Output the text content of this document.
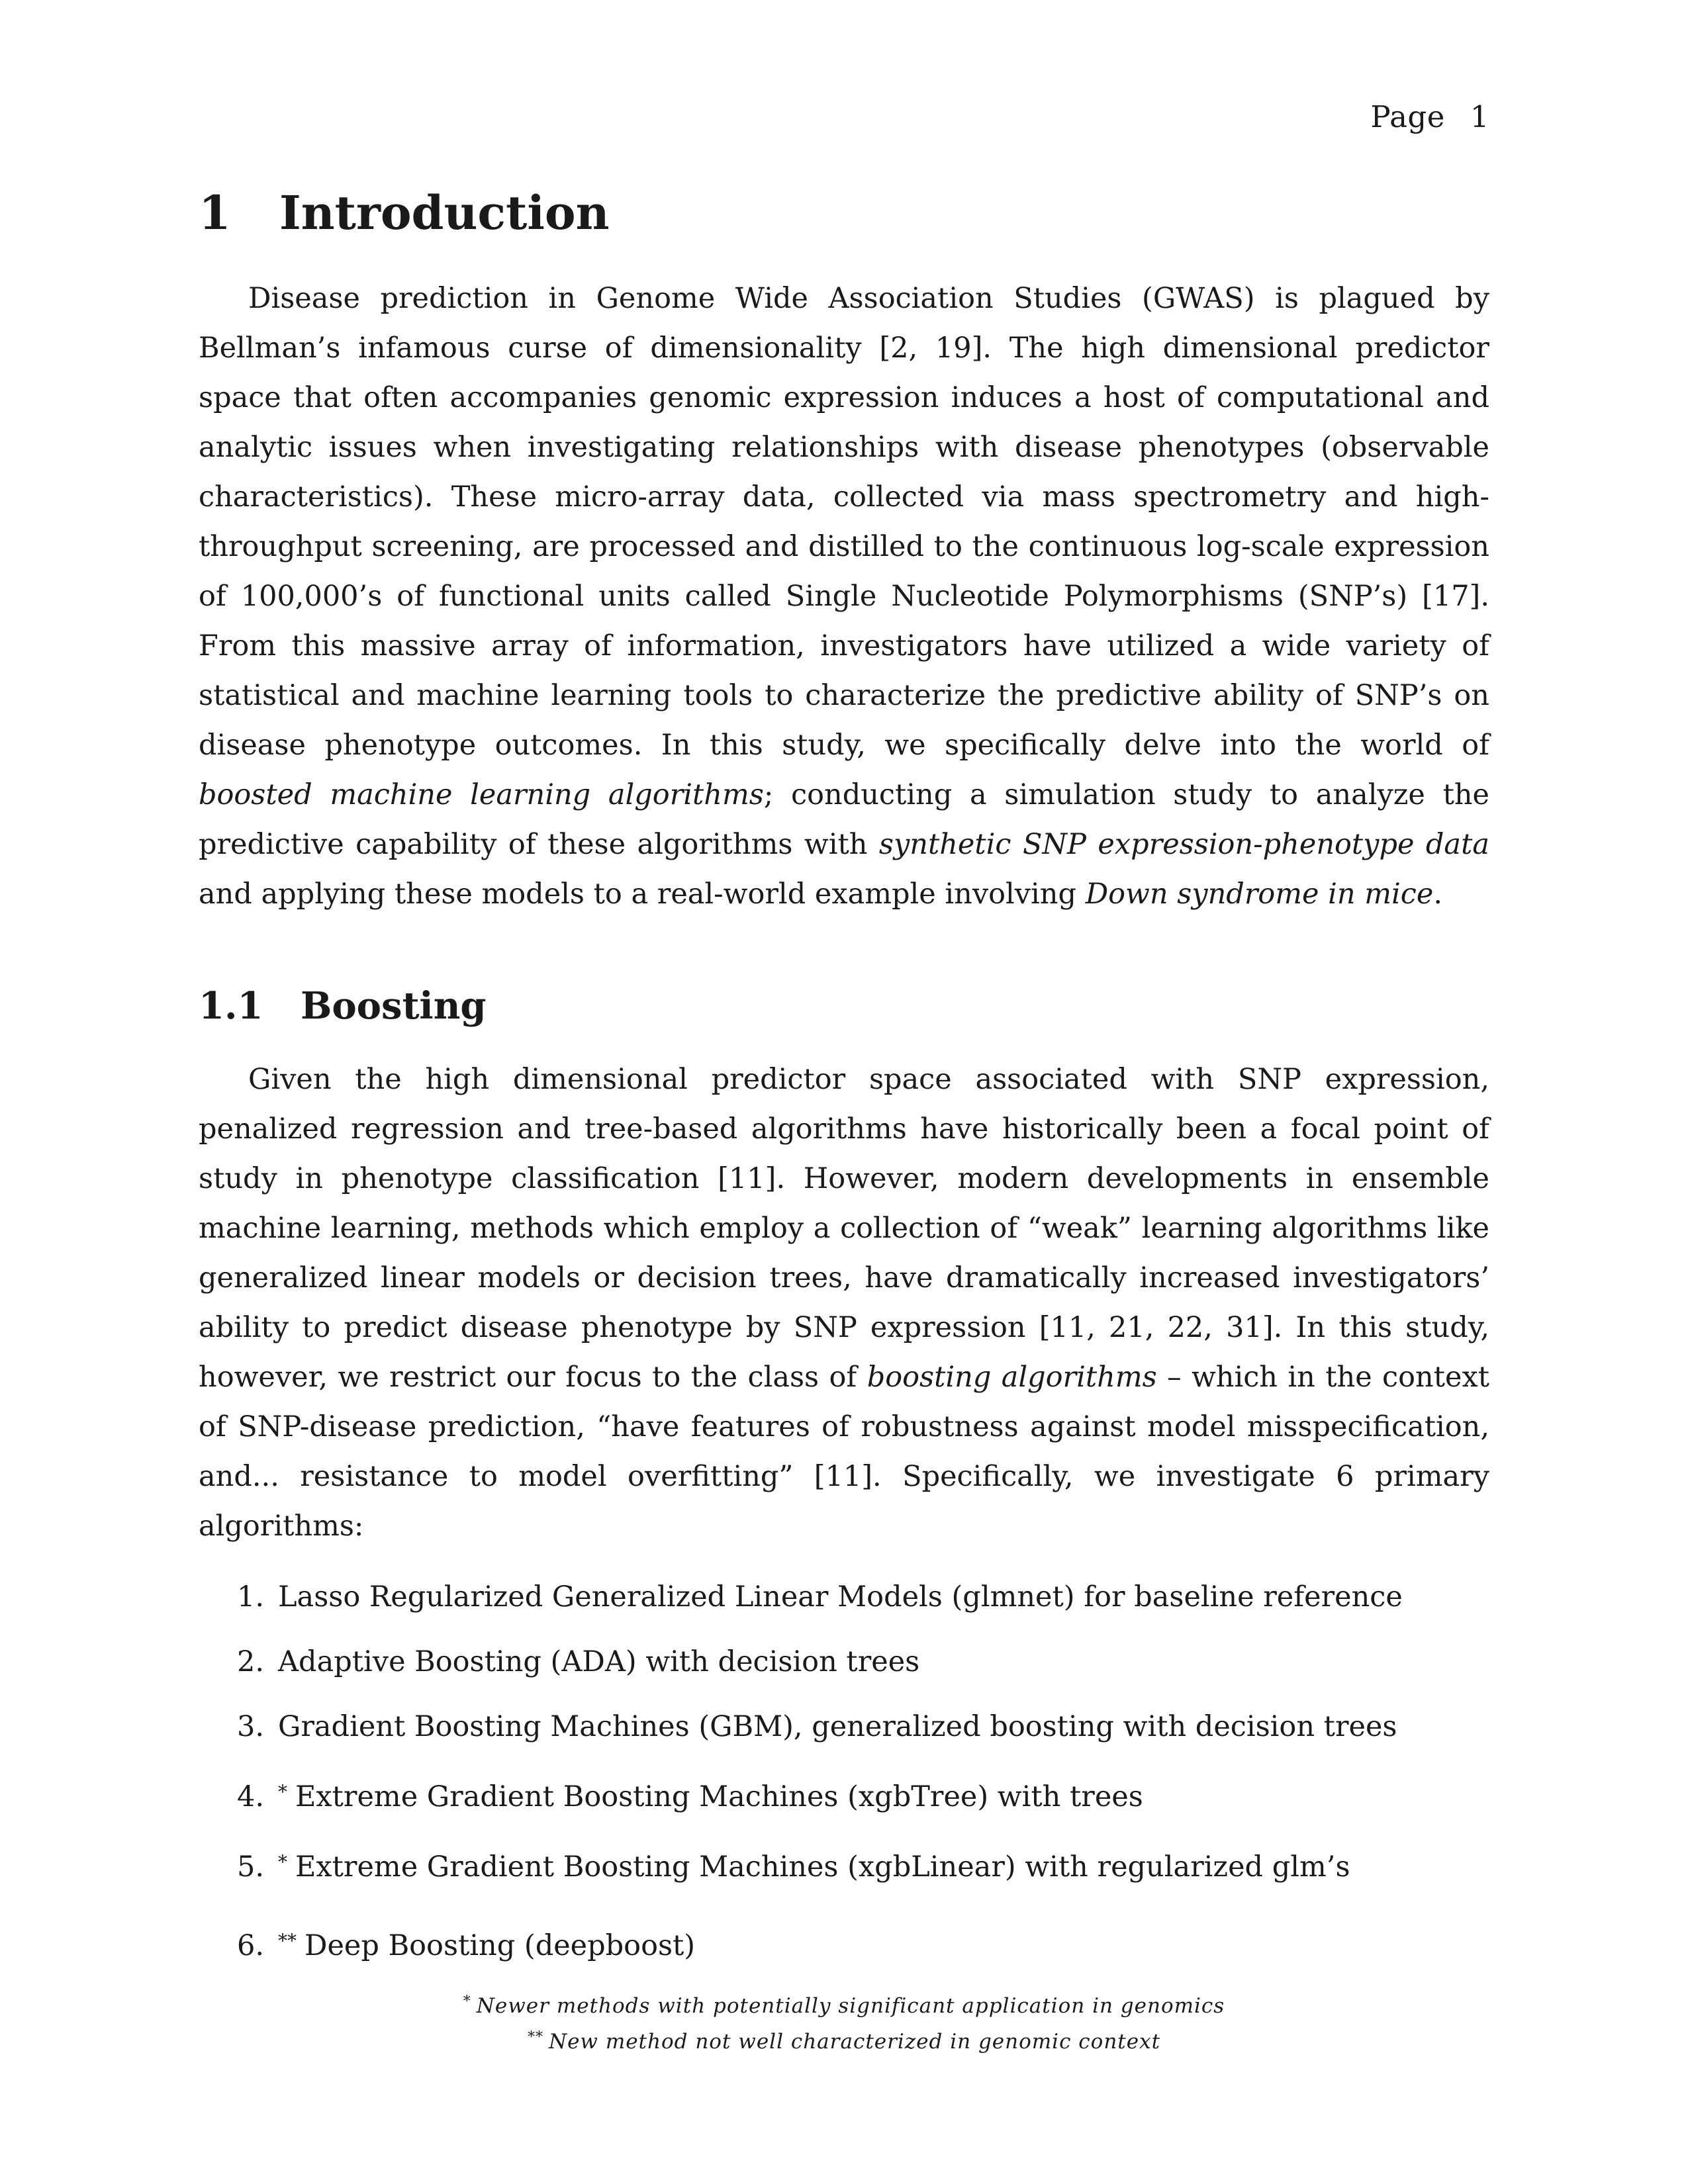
Page 1
1 Introduction

Disease prediction in Genome Wide Association Studies (GWAS) is plagued by Bellman’s infamous curse of dimensionality [2, 19]. The high dimensional predictor space that often accompanies genomic expression induces a host of computational and analytic issues when investigating relationships with disease phenotypes (observable characteristics). These micro-array data, collected via mass spectrometry and high-throughput screening, are processed and distilled to the continuous log-scale expression of 100,000’s of functional units called Single Nucleotide Polymorphisms (SNP’s) [17]. From this massive array of information, investigators have utilized a wide variety of statistical and machine learning tools to characterize the predictive ability of SNP’s on disease phenotype outcomes. In this study, we specifically delve into the world of boosted machine learning algorithms; conducting a simulation study to analyze the predictive capability of these algorithms with synthetic SNP expression-phenotype data and applying these models to a real-world example involving Down syndrome in mice.

1.1 Boosting

Given the high dimensional predictor space associated with SNP expression, penalized regression and tree-based algorithms have historically been a focal point of study in phenotype classification [11]. However, modern developments in ensemble machine learning, methods which employ a collection of “weak” learning algorithms like generalized linear models or decision trees, have dramatically increased investigators’ ability to predict disease phenotype by SNP expression [11, 21, 22, 31]. In this study, however, we restrict our focus to the class of boosting algorithms – which in the context of SNP-disease prediction, “have features of robustness against model misspecification, and... resistance to model overfitting” [11]. Specifically, we investigate 6 primary algorithms:

1. Lasso Regularized Generalized Linear Models (glmnet) for baseline reference
2. Adaptive Boosting (ADA) with decision trees
3. Gradient Boosting Machines (GBM), generalized boosting with decision trees
4. * Extreme Gradient Boosting Machines (xgbTree) with trees
5. * Extreme Gradient Boosting Machines (xgbLinear) with regularized glm’s
6. ** Deep Boosting (deepboost)
* Newer methods with potentially significant application in genomics
** New method not well characterized in genomic context
